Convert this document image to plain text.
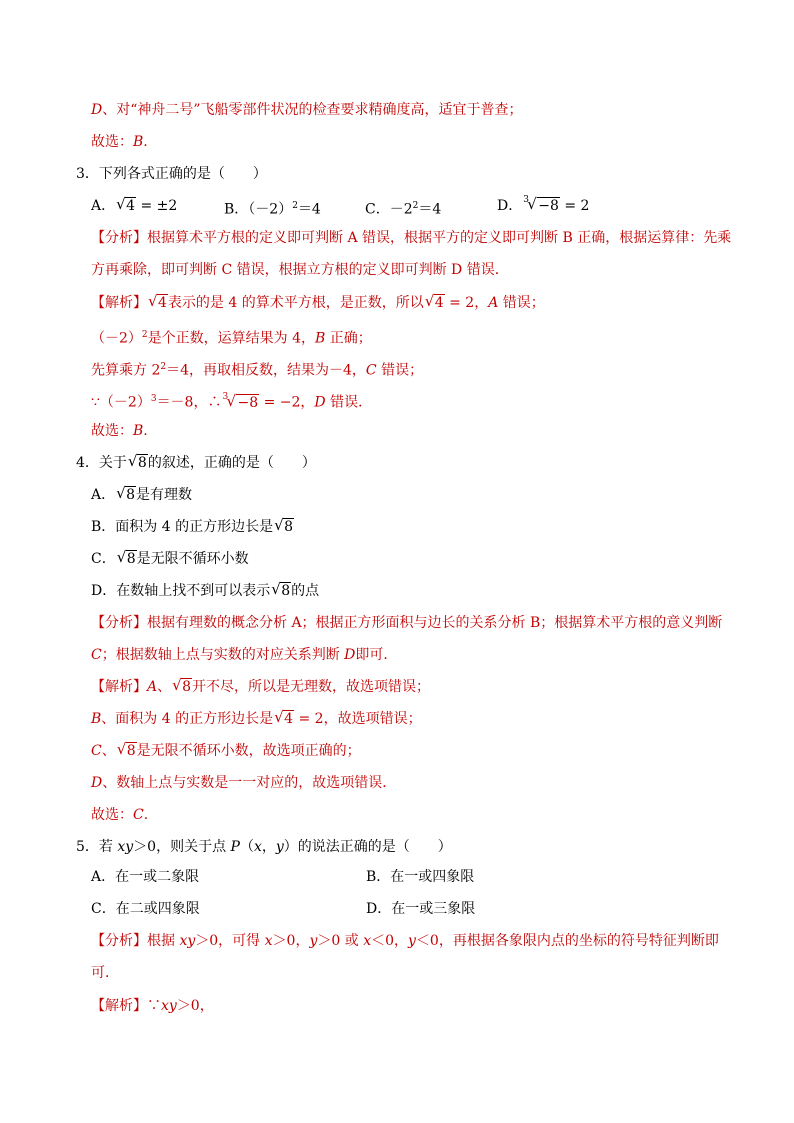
D、对“神舟二号”飞船零部件状况的检查要求精确度高，适宜于普查；
故选：B.
3．下列各式正确的是（　　）
A． √ 4 = ±2	B．$(-2)^2=4$	C．$-2^2=4$	D． √ 3 −8 = 2
【分析】根据算术平方根的定义即可判断 A 错误，根据平方的定义即可判断 B 正确，根据运算律：先乘
方再乘除，即可判断 C 错误，根据立方根的定义即可判断 D 错误．
【解析】 √ 4表示的是 4 的算术平方根，是正数，所以 √ 4 = 2，A 错误；
$(-2)^2$是个正数，运算结果为 4，B 正确；
先算乘方 $2^2=4$，再取相反数，结果为－4，C 错误；
$\because(-2)^3=-8$，∴ √ 3 −8 = −2，D 错误．
故选：B.
4．关于 √ 8的叙述，正确的是（　　）
A． √ 8是有理数
B．面积为 4 的正方形边长是 √ 8
C． √ 8是无限不循环小数
D．在数轴上找不到可以表示 √ 8的点
【分析】根据有理数的概念分析 A；根据正方形面积与边长的关系分析 B；根据算术平方根的意义判断
C；根据数轴上点与实数的对应关系判断 D即可．
【解析】A、 √ 8开不尽，所以是无理数，故选项错误；
B、面积为 4 的正方形边长是 √ 4 = 2，故选项错误；
C、 √ 8是无限不循环小数，故选项正确的；
D、数轴上点与实数是一一对应的，故选项错误．
故选：C.
5．若 xy＞0，则关于点 P（x，y）的说法正确的是（　　）
A．在一或二象限	B．在一或四象限
C．在二或四象限	D．在一或三象限
【分析】根据 xy＞0，可得 x＞0，y＞0 或 x＜0，y＜0，再根据各象限内点的坐标的符号特征判断即
可．
【解析】∵xy＞0，
